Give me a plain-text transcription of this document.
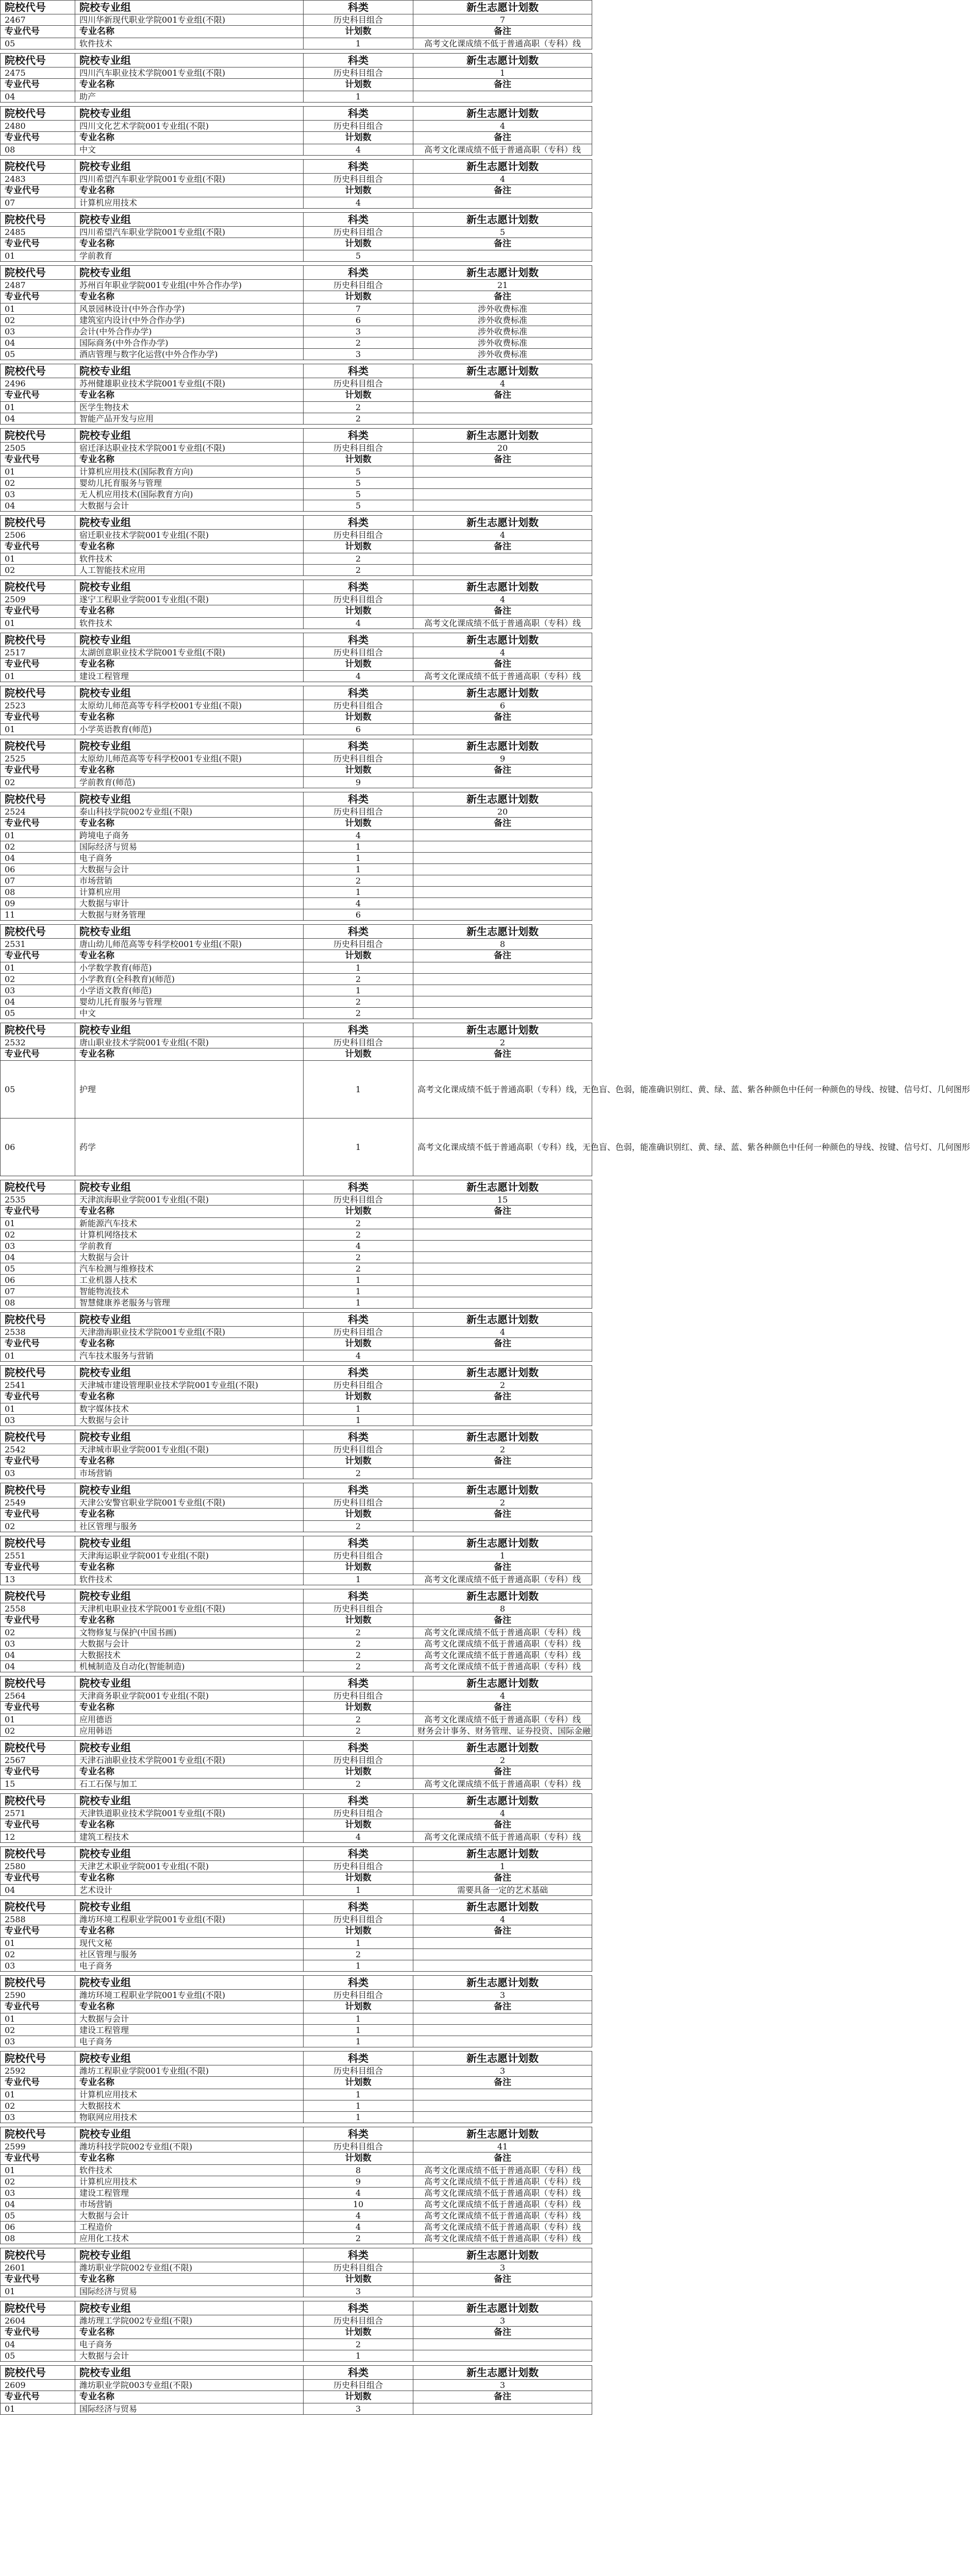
院校代号	院校专业组	科类	新生志愿计划数
2467	四川华新现代职业学院001专业组(不限)	历史科目组合	7
专业代号	专业名称	计划数	备注
05	软件技术	1	高考文化课成绩不低于普通高职（专科）线
院校代号	院校专业组	科类	新生志愿计划数
2475	四川汽车职业技术学院001专业组(不限)	历史科目组合	1
专业代号	专业名称	计划数	备注
04	助产	1	
院校代号	院校专业组	科类	新生志愿计划数
2480	四川文化艺术学院001专业组(不限)	历史科目组合	4
专业代号	专业名称	计划数	备注
08	中文	4	高考文化课成绩不低于普通高职（专科）线
院校代号	院校专业组	科类	新生志愿计划数
2483	四川希望汽车职业学院001专业组(不限)	历史科目组合	4
专业代号	专业名称	计划数	备注
07	计算机应用技术	4	
院校代号	院校专业组	科类	新生志愿计划数
2485	四川希望汽车职业学院001专业组(不限)	历史科目组合	5
专业代号	专业名称	计划数	备注
01	学前教育	5	
院校代号	院校专业组	科类	新生志愿计划数
2487	苏州百年职业学院001专业组(中外合作办学)	历史科目组合	21
专业代号	专业名称	计划数	备注
01	风景园林设计(中外合作办学)	7	涉外收费标准
02	建筑室内设计(中外合作办学)	6	涉外收费标准
03	会计(中外合作办学)	3	涉外收费标准
04	国际商务(中外合作办学)	2	涉外收费标准
05	酒店管理与数字化运营(中外合作办学)	3	涉外收费标准
院校代号	院校专业组	科类	新生志愿计划数
2496	苏州健雄职业技术学院001专业组(不限)	历史科目组合	4
专业代号	专业名称	计划数	备注
01	医学生物技术	2	
04	智能产品开发与应用	2	
院校代号	院校专业组	科类	新生志愿计划数
2505	宿迁泽达职业技术学院001专业组(不限)	历史科目组合	20
专业代号	专业名称	计划数	备注
01	计算机应用技术(国际教育方向)	5	
02	婴幼儿托育服务与管理	5	
03	无人机应用技术(国际教育方向)	5	
04	大数据与会计	5	
院校代号	院校专业组	科类	新生志愿计划数
2506	宿迁职业技术学院001专业组(不限)	历史科目组合	4
专业代号	专业名称	计划数	备注
01	软件技术	2	
02	人工智能技术应用	2	
院校代号	院校专业组	科类	新生志愿计划数
2509	遂宁工程职业学院001专业组(不限)	历史科目组合	4
专业代号	专业名称	计划数	备注
01	软件技术	4	高考文化课成绩不低于普通高职（专科）线
院校代号	院校专业组	科类	新生志愿计划数
2517	太湖创意职业技术学院001专业组(不限)	历史科目组合	4
专业代号	专业名称	计划数	备注
01	建设工程管理	4	高考文化课成绩不低于普通高职（专科）线
院校代号	院校专业组	科类	新生志愿计划数
2523	太原幼儿师范高等专科学校001专业组(不限)	历史科目组合	6
专业代号	专业名称	计划数	备注
01	小学英语教育(师范)	6	
院校代号	院校专业组	科类	新生志愿计划数
2525	太原幼儿师范高等专科学校001专业组(不限)	历史科目组合	9
专业代号	专业名称	计划数	备注
02	学前教育(师范)	9	
院校代号	院校专业组	科类	新生志愿计划数
2524	泰山科技学院002专业组(不限)	历史科目组合	20
专业代号	专业名称	计划数	备注
01	跨境电子商务	4	
02	国际经济与贸易	1	
04	电子商务	1	
06	大数据与会计	1	
07	市场营销	2	
08	计算机应用	1	
09	大数据与审计	4	
11	大数据与财务管理	6	
院校代号	院校专业组	科类	新生志愿计划数
2531	唐山幼儿师范高等专科学校001专业组(不限)	历史科目组合	8
专业代号	专业名称	计划数	备注
01	小学数学教育(师范)	1	
02	小学教育(全科教育)(师范)	2	
03	小学语文教育(师范)	1	
04	婴幼儿托育服务与管理	2	
05	中文	2	
院校代号	院校专业组	科类	新生志愿计划数
2532	唐山职业技术学院001专业组(不限)	历史科目组合	2
专业代号	专业名称	计划数	备注
05	护理	1	高考文化课成绩不低于普通高职（专科）线，无色盲、色弱，能准确识别红、黄、绿、蓝、紫各种颜色中任何一种颜色的导线、按键、信号灯、几何图形
06	药学	1	高考文化课成绩不低于普通高职（专科）线，无色盲、色弱，能准确识别红、黄、绿、蓝、紫各种颜色中任何一种颜色的导线、按键、信号灯、几何图形
院校代号	院校专业组	科类	新生志愿计划数
2535	天津滨海职业学院001专业组(不限)	历史科目组合	15
专业代号	专业名称	计划数	备注
01	新能源汽车技术	2	
02	计算机网络技术	2	
03	学前教育	4	
04	大数据与会计	2	
05	汽车检测与维修技术	2	
06	工业机器人技术	1	
07	智能物流技术	1	
08	智慧健康养老服务与管理	1	
院校代号	院校专业组	科类	新生志愿计划数
2538	天津渤海职业技术学院001专业组(不限)	历史科目组合	4
专业代号	专业名称	计划数	备注
01	汽车技术服务与营销	4	
院校代号	院校专业组	科类	新生志愿计划数
2541	天津城市建设管理职业技术学院001专业组(不限)	历史科目组合	2
专业代号	专业名称	计划数	备注
01	数字媒体技术	1	
03	大数据与会计	1	
院校代号	院校专业组	科类	新生志愿计划数
2542	天津城市职业学院001专业组(不限)	历史科目组合	2
专业代号	专业名称	计划数	备注
03	市场营销	2	
院校代号	院校专业组	科类	新生志愿计划数
2549	天津公安警官职业学院001专业组(不限)	历史科目组合	2
专业代号	专业名称	计划数	备注
02	社区管理与服务	2	
院校代号	院校专业组	科类	新生志愿计划数
2551	天津海运职业学院001专业组(不限)	历史科目组合	1
专业代号	专业名称	计划数	备注
13	软件技术	1	高考文化课成绩不低于普通高职（专科）线
院校代号	院校专业组	科类	新生志愿计划数
2558	天津机电职业技术学院001专业组(不限)	历史科目组合	8
专业代号	专业名称	计划数	备注
02	文物修复与保护(中国书画)	2	高考文化课成绩不低于普通高职（专科）线
03	大数据与会计	2	高考文化课成绩不低于普通高职（专科）线
04	大数据技术	2	高考文化课成绩不低于普通高职（专科）线
04	机械制造及自动化(智能制造)	2	高考文化课成绩不低于普通高职（专科）线
院校代号	院校专业组	科类	新生志愿计划数
2564	天津商务职业学院001专业组(不限)	历史科目组合	4
专业代号	专业名称	计划数	备注
01	应用德语	2	高考文化课成绩不低于普通高职（专科）线
02	应用韩语	2	财务会计事务、财务管理、证券投资、国际金融
院校代号	院校专业组	科类	新生志愿计划数
2567	天津石油职业技术学院001专业组(不限)	历史科目组合	2
专业代号	专业名称	计划数	备注
15	石工石保与加工	2	高考文化课成绩不低于普通高职（专科）线
院校代号	院校专业组	科类	新生志愿计划数
2571	天津铁道职业技术学院001专业组(不限)	历史科目组合	4
专业代号	专业名称	计划数	备注
12	建筑工程技术	4	高考文化课成绩不低于普通高职（专科）线
院校代号	院校专业组	科类	新生志愿计划数
2580	天津艺术职业学院001专业组(不限)	历史科目组合	1
专业代号	专业名称	计划数	备注
04	艺术设计	1	需要具备一定的艺术基础
院校代号	院校专业组	科类	新生志愿计划数
2588	潍坊环境工程职业学院001专业组(不限)	历史科目组合	4
专业代号	专业名称	计划数	备注
01	现代文秘	1	
02	社区管理与服务	2	
03	电子商务	1	
院校代号	院校专业组	科类	新生志愿计划数
2590	潍坊环境工程职业学院001专业组(不限)	历史科目组合	3
专业代号	专业名称	计划数	备注
01	大数据与会计	1	
02	建设工程管理	1	
03	电子商务	1	
院校代号	院校专业组	科类	新生志愿计划数
2592	潍坊工程职业学院001专业组(不限)	历史科目组合	3
专业代号	专业名称	计划数	备注
01	计算机应用技术	1	
02	大数据技术	1	
03	物联网应用技术	1	
院校代号	院校专业组	科类	新生志愿计划数
2599	潍坊科技学院002专业组(不限)	历史科目组合	41
专业代号	专业名称	计划数	备注
01	软件技术	8	高考文化课成绩不低于普通高职（专科）线
02	计算机应用技术	9	高考文化课成绩不低于普通高职（专科）线
03	建设工程管理	4	高考文化课成绩不低于普通高职（专科）线
04	市场营销	10	高考文化课成绩不低于普通高职（专科）线
05	大数据与会计	4	高考文化课成绩不低于普通高职（专科）线
06	工程造价	4	高考文化课成绩不低于普通高职（专科）线
08	应用化工技术	2	高考文化课成绩不低于普通高职（专科）线
院校代号	院校专业组	科类	新生志愿计划数
2601	潍坊职业学院002专业组(不限)	历史科目组合	3
专业代号	专业名称	计划数	备注
01	国际经济与贸易	3	
院校代号	院校专业组	科类	新生志愿计划数
2604	潍坊理工学院002专业组(不限)	历史科目组合	3
专业代号	专业名称	计划数	备注
04	电子商务	2	
05	大数据与会计	1	
院校代号	院校专业组	科类	新生志愿计划数
2609	潍坊职业学院003专业组(不限)	历史科目组合	3
专业代号	专业名称	计划数	备注
01	国际经济与贸易	3	
